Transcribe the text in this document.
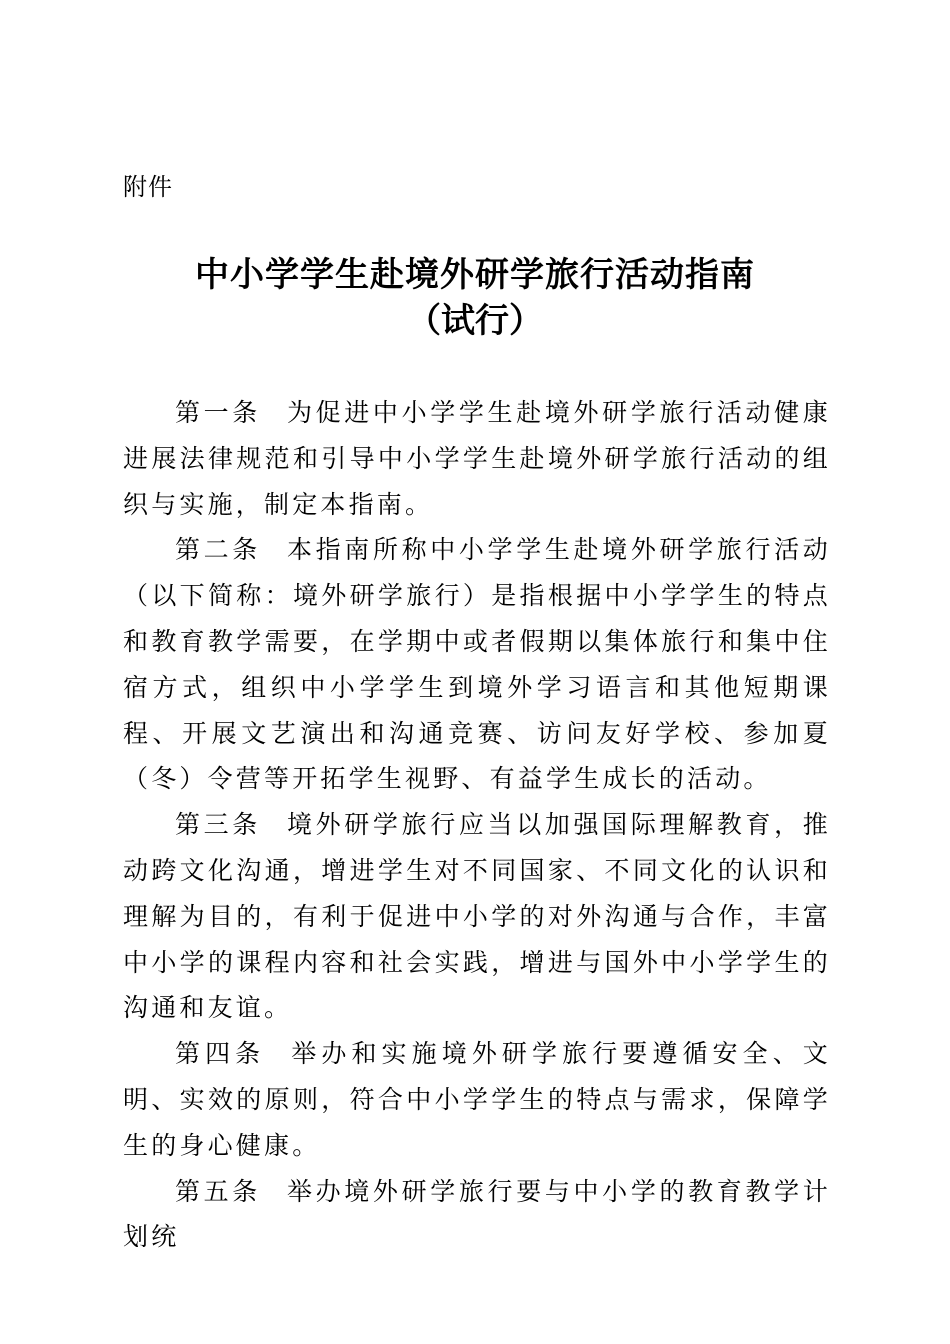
附件
中小学学生赴境外研学旅行活动指南
（试行）

第一条 为促进中小学学生赴境外研学旅行活动健康进展法律规范和引导中小学学生赴境外研学旅行活动的组织与实施，制定本指南。

第二条 本指南所称中小学学生赴境外研学旅行活动（以下简称：境外研学旅行）是指根据中小学学生的特点和教育教学需要，在学期中或者假期以集体旅行和集中住宿方式，组织中小学学生到境外学习语言和其他短期课程、开展文艺演出和沟通竞赛、访问友好学校、参加夏（冬）令营等开拓学生视野、有益学生成长的活动。

第三条 境外研学旅行应当以加强国际理解教育，推动跨文化沟通，增进学生对不同国家、不同文化的认识和理解为目的，有利于促进中小学的对外沟通与合作，丰富中小学的课程内容和社会实践，增进与国外中小学学生的沟通和友谊。

第四条 举办和实施境外研学旅行要遵循安全、文明、实效的原则，符合中小学学生的特点与需求，保障学生的身心健康。

第五条 举办境外研学旅行要与中小学的教育教学计划统
